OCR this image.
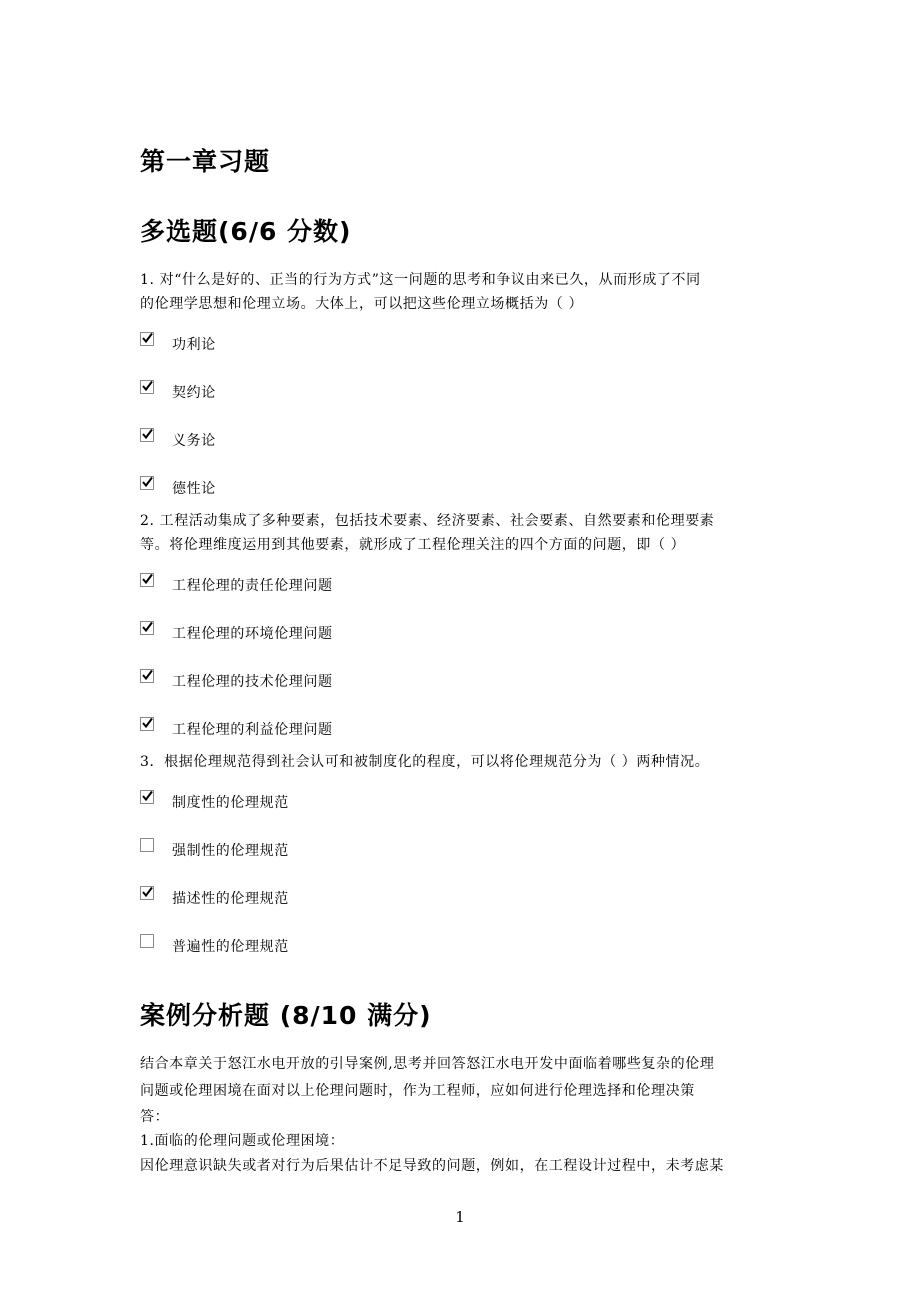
第一章习题
多选题(6/6 分数)

1. 对“什么是好的、正当的行为方式”这一问题的思考和争议由来已久，从而形成了不同
的伦理学思想和伦理立场。大体上，可以把这些伦理立场概括为（ ）

功利论
契约论
义务论
德性论

2. 工程活动集成了多种要素，包括技术要素、经济要素、社会要素、自然要素和伦理要素
等。将伦理维度运用到其他要素，就形成了工程伦理关注的四个方面的问题，即（ ）

工程伦理的责任伦理问题
工程伦理的环境伦理问题
工程伦理的技术伦理问题
工程伦理的利益伦理问题

3．根据伦理规范得到社会认可和被制度化的程度，可以将伦理规范分为（ ）两种情况。

制度性的伦理规范
强制性的伦理规范
描述性的伦理规范
普遍性的伦理规范
案例分析题 (8/10 满分)

结合本章关于怒江水电开放的引导案例,思考并回答怒江水电开发中面临着哪些复杂的伦理

问题或伦理困境在面对以上伦理问题时，作为工程师，应如何进行伦理选择和伦理决策

答：

1.面临的伦理问题或伦理困境：

因伦理意识缺失或者对行为后果估计不足导致的问题，例如，在工程设计过程中，未考虑某

1
